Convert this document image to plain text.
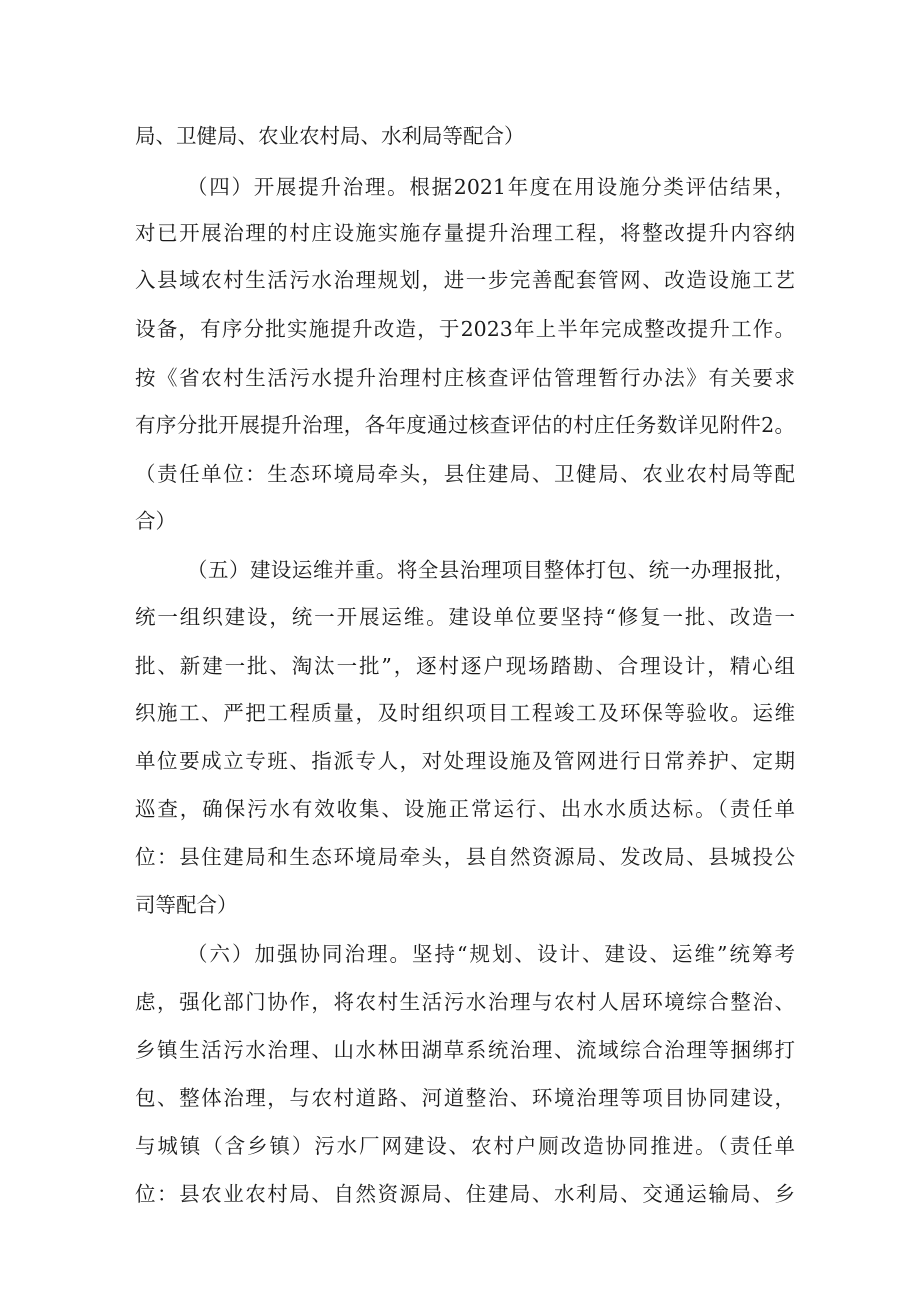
局、卫健局、农业农村局、水利局等配合）
（四）开展提升治理。根据2021年度在用设施分类评估结果，
对已开展治理的村庄设施实施存量提升治理工程，将整改提升内容纳
入县域农村生活污水治理规划，进一步完善配套管网、改造设施工艺
设备，有序分批实施提升改造，于2023年上半年完成整改提升工作。
按《省农村生活污水提升治理村庄核查评估管理暂行办法》有关要求
有序分批开展提升治理，各年度通过核查评估的村庄任务数详见附件2。
（责任单位：生态环境局牵头，县住建局、卫健局、农业农村局等配
合）
（五）建设运维并重。将全县治理项目整体打包、统一办理报批，
统一组织建设，统一开展运维。建设单位要坚持“修复一批、改造一
批、新建一批、淘汰一批”，逐村逐户现场踏勘、合理设计，精心组
织施工、严把工程质量，及时组织项目工程竣工及环保等验收。运维
单位要成立专班、指派专人，对处理设施及管网进行日常养护、定期
巡查，确保污水有效收集、设施正常运行、出水水质达标。（责任单
位：县住建局和生态环境局牵头，县自然资源局、发改局、县城投公
司等配合）
（六）加强协同治理。坚持“规划、设计、建设、运维”统筹考
虑，强化部门协作，将农村生活污水治理与农村人居环境综合整治、
乡镇生活污水治理、山水林田湖草系统治理、流域综合治理等捆绑打
包、整体治理，与农村道路、河道整治、环境治理等项目协同建设，
与城镇（含乡镇）污水厂网建设、农村户厕改造协同推进。（责任单
位：县农业农村局、自然资源局、住建局、水利局、交通运输局、乡
